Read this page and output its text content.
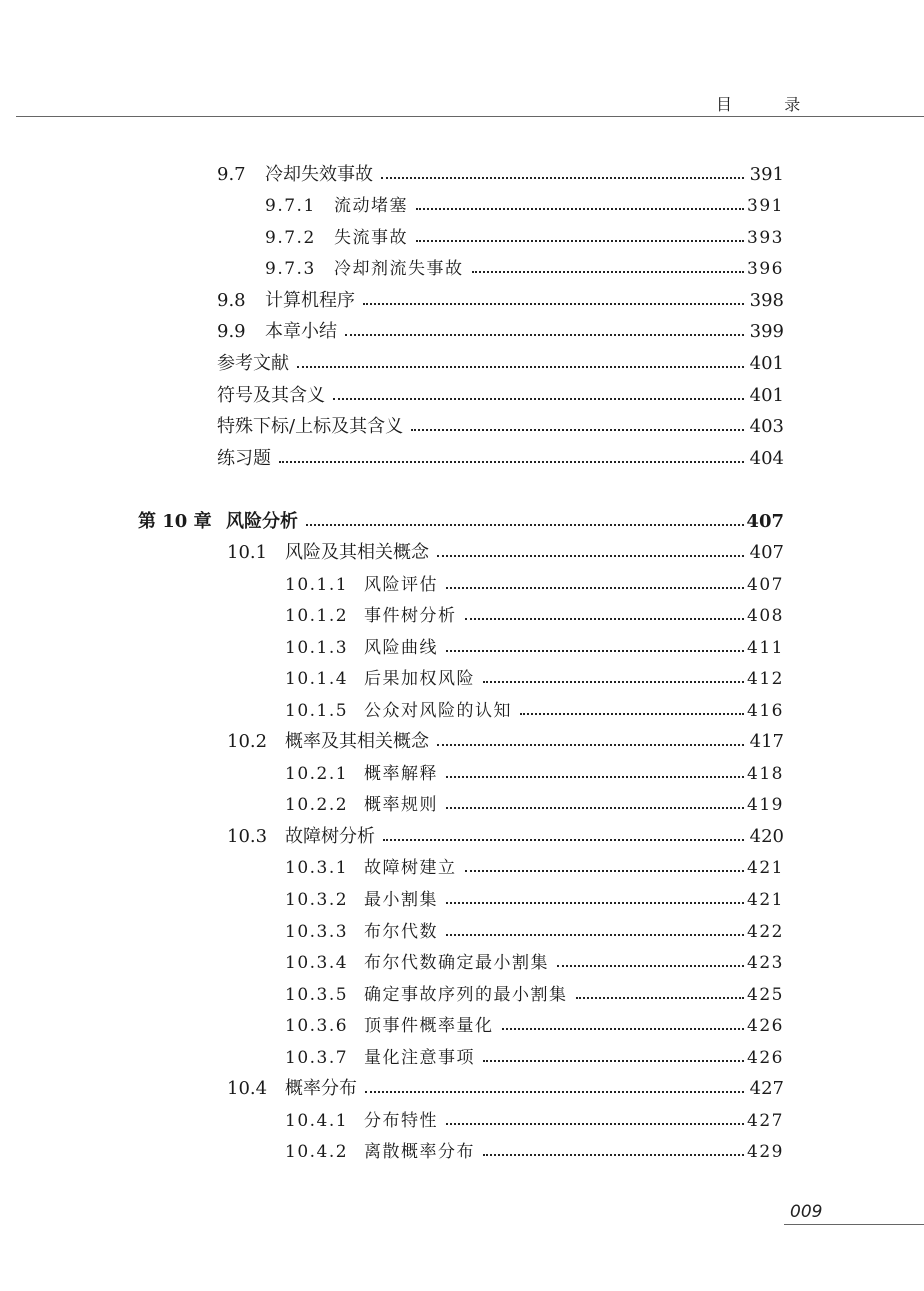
目	录
9.7 冷却失效事故	391
9.7.1 流动堵塞	391
9.7.2 失流事故	393
9.7.3 冷却剂流失事故	396
9.8 计算机程序	398
9.9 本章小结	399
参考文献	401
符号及其含义	401
特殊下标/上标及其含义	403
练习题	404
第 10 章 风险分析	407
10.1 风险及其相关概念	407
10.1.1 风险评估	407
10.1.2 事件树分析	408
10.1.3 风险曲线	411
10.1.4 后果加权风险	412
10.1.5 公众对风险的认知	416
10.2 概率及其相关概念	417
10.2.1 概率解释	418
10.2.2 概率规则	419
10.3 故障树分析	420
10.3.1 故障树建立	421
10.3.2 最小割集	421
10.3.3 布尔代数	422
10.3.4 布尔代数确定最小割集	423
10.3.5 确定事故序列的最小割集	425
10.3.6 顶事件概率量化	426
10.3.7 量化注意事项	426
10.4 概率分布	427
10.4.1 分布特性	427
10.4.2 离散概率分布	429
009
